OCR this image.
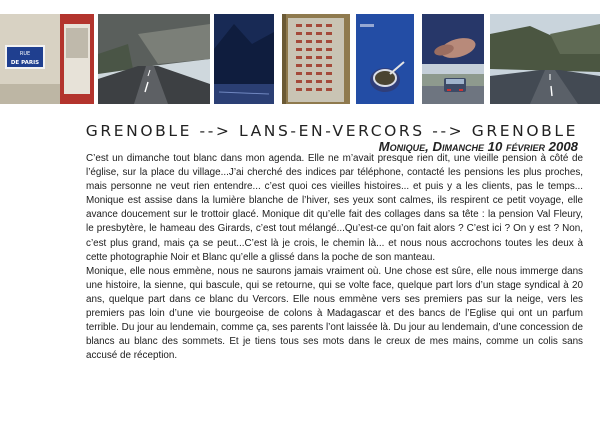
RUE
DE PARIS
GRENOBLE --> LANS-EN-VERCORS --> GRENOBLE
Monique, Dimanche 10 février 2008

C’est un dimanche tout blanc dans mon agenda. Elle ne m’avait presque rien dit, une vieille pension à côté de l’église, sur la place du village...J’ai cherché des indices par téléphone, contacté les pensions les plus proches, mais personne ne veut rien entendre... c’est quoi ces vieilles histoires... et puis y a les clients, pas le temps... Monique est assise dans la lumière blanche de l’hiver, ses yeux sont calmes, ils respirent ce petit voyage, elle avance doucement sur le trottoir glacé. Monique dit qu’elle fait des collages dans sa tête : la pension Val Fleury, le presbytère, le hameau des Girards, c’est tout mélangé...Qu’est-ce qu’on fait alors ? C’est ici ? On y est ? Non, c’est plus grand, mais ça se peut...C’est là je crois, le chemin là... et nous nous accrochons toutes les deux à cette photographie Noir et Blanc qu’elle a glissé dans la poche de son manteau.

Monique, elle nous emmène, nous ne saurons jamais vraiment où. Une chose est sûre, elle nous immerge dans une histoire, la sienne, qui bascule, qui se retourne, qui se volte face, quelque part lors d’un stage syndical à 20 ans, quelque part dans ce blanc du Vercors. Elle nous emmène vers ses premiers pas sur la neige, vers les premiers pas loin d’une vie bourgeoise de colons à Madagascar et des bancs de l’Eglise qui ont un parfum terrible. Du jour au lendemain, comme ça, ses parents l’ont laissée là. Du jour au lendemain, d’une concession de blancs au blanc des sommets. Et je tiens tous ses mots dans le creux de mes mains, comme un colis sans accusé de réception.
